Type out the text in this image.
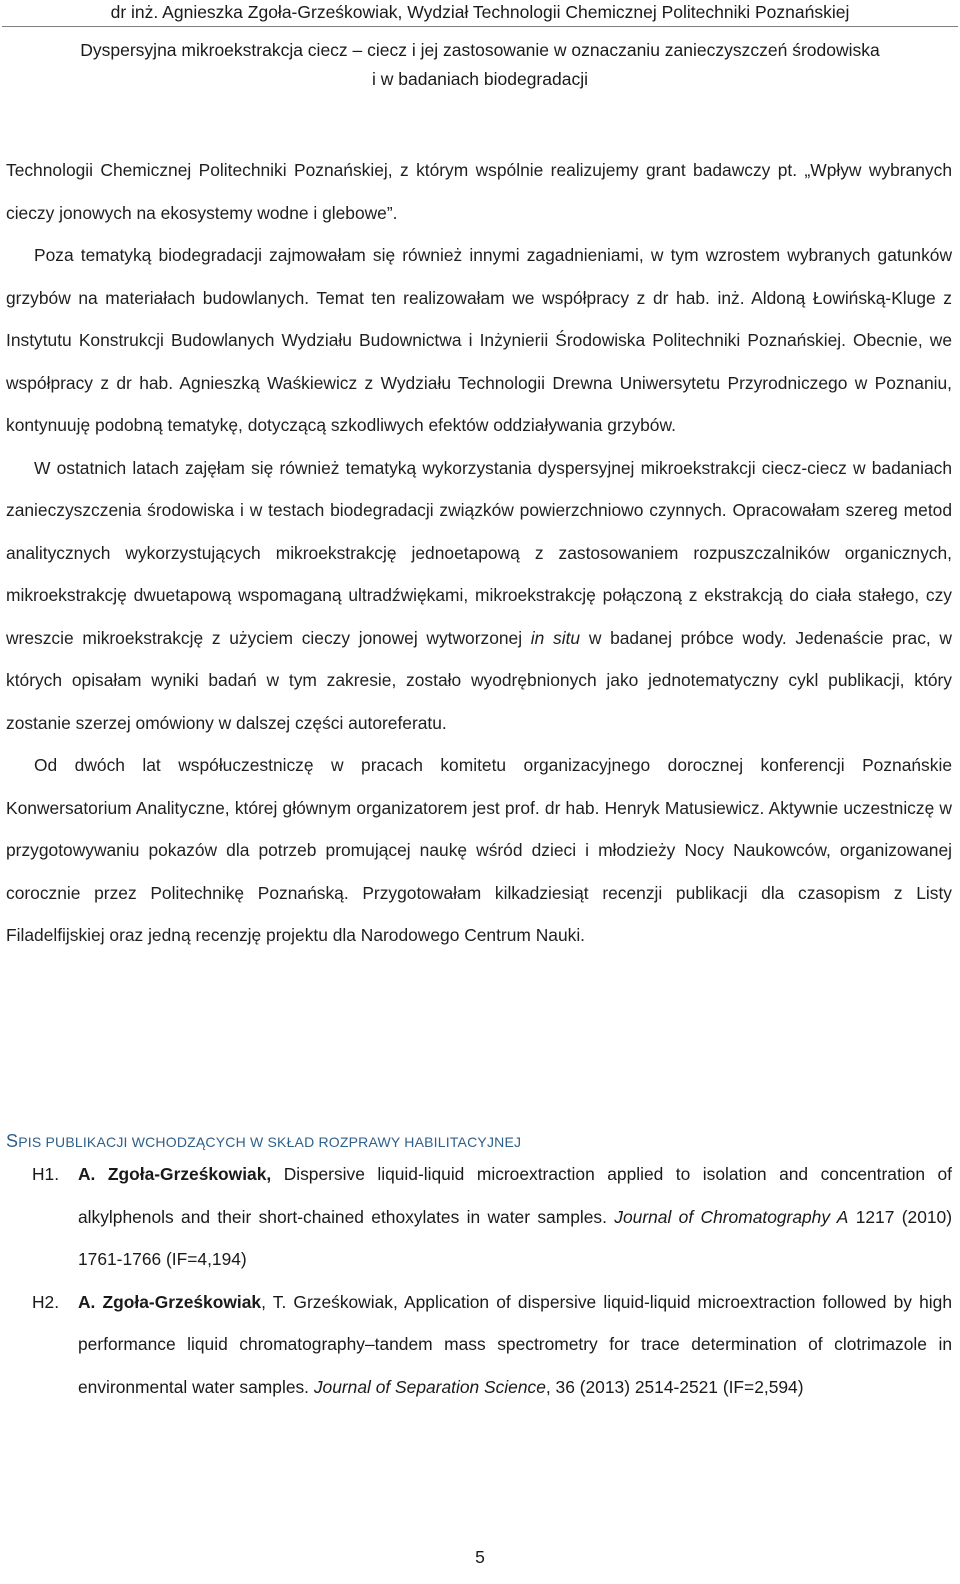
dr inż. Agnieszka Zgoła-Grześkowiak, Wydział Technologii Chemicznej Politechniki Poznańskiej
Dyspersyjna mikroekstrakcja ciecz – ciecz i jej zastosowanie w oznaczaniu zanieczyszczeń środowiska
i w badaniach biodegradacji

Technologii Chemicznej Politechniki Poznańskiej, z którym wspólnie realizujemy grant badawczy pt. „Wpływ wybranych cieczy jonowych na ekosystemy wodne i glebowe”.

Poza tematyką biodegradacji zajmowałam się również innymi zagadnieniami, w tym wzrostem wybranych gatunków grzybów na materiałach budowlanych. Temat ten realizowałam we współpracy z dr hab. inż. Aldoną Łowińską-Kluge z Instytutu Konstrukcji Budowlanych Wydziału Budownictwa i Inżynierii Środowiska Politechniki Poznańskiej. Obecnie, we współpracy z dr hab. Agnieszką Waśkiewicz z Wydziału Technologii Drewna Uniwersytetu Przyrodniczego w Poznaniu, kontynuuję podobną tematykę, dotyczącą szkodliwych efektów oddziaływania grzybów.

W ostatnich latach zajęłam się również tematyką wykorzystania dyspersyjnej mikroekstrakcji ciecz-ciecz w badaniach zanieczyszczenia środowiska i w testach biodegradacji związków powierzchniowo czynnych. Opracowałam szereg metod analitycznych wykorzystujących mikroekstrakcję jednoetapową z zastosowaniem rozpuszczalników organicznych, mikroekstrakcję dwuetapową wspomaganą ultradźwiękami, mikroekstrakcję połączoną z ekstrakcją do ciała stałego, czy wreszcie mikroekstrakcję z użyciem cieczy jonowej wytworzonej in situ w badanej próbce wody. Jedenaście prac, w których opisałam wyniki badań w tym zakresie, zostało wyodrębnionych jako jednotematyczny cykl publikacji, który zostanie szerzej omówiony w dalszej części autoreferatu.

Od dwóch lat współuczestniczę w pracach komitetu organizacyjnego dorocznej konferencji Poznańskie Konwersatorium Analityczne, której głównym organizatorem jest prof. dr hab. Henryk Matusiewicz. Aktywnie uczestniczę w przygotowywaniu pokazów dla potrzeb promującej naukę wśród dzieci i młodzieży Nocy Naukowców, organizowanej corocznie przez Politechnikę Poznańską. Przygotowałam kilkadziesiąt recenzji publikacji dla czasopism z Listy Filadelfijskiej oraz jedną recenzję projektu dla Narodowego Centrum Nauki.

SPIS PUBLIKACJI WCHODZĄCYCH W SKŁAD ROZPRAWY HABILITACYJNEJ
H1. A. Zgoła-Grześkowiak, Dispersive liquid-liquid microextraction applied to isolation and concentration of alkylphenols and their short-chained ethoxylates in water samples. Journal of Chromatography A 1217 (2010) 1761-1766 (IF=4,194)

H2. A. Zgoła-Grześkowiak, T. Grześkowiak, Application of dispersive liquid-liquid microextraction followed by high performance liquid chromatography–tandem mass spectrometry for trace determination of clotrimazole in environmental water samples. Journal of Separation Science, 36 (2013) 2514-2521 (IF=2,594)

5
